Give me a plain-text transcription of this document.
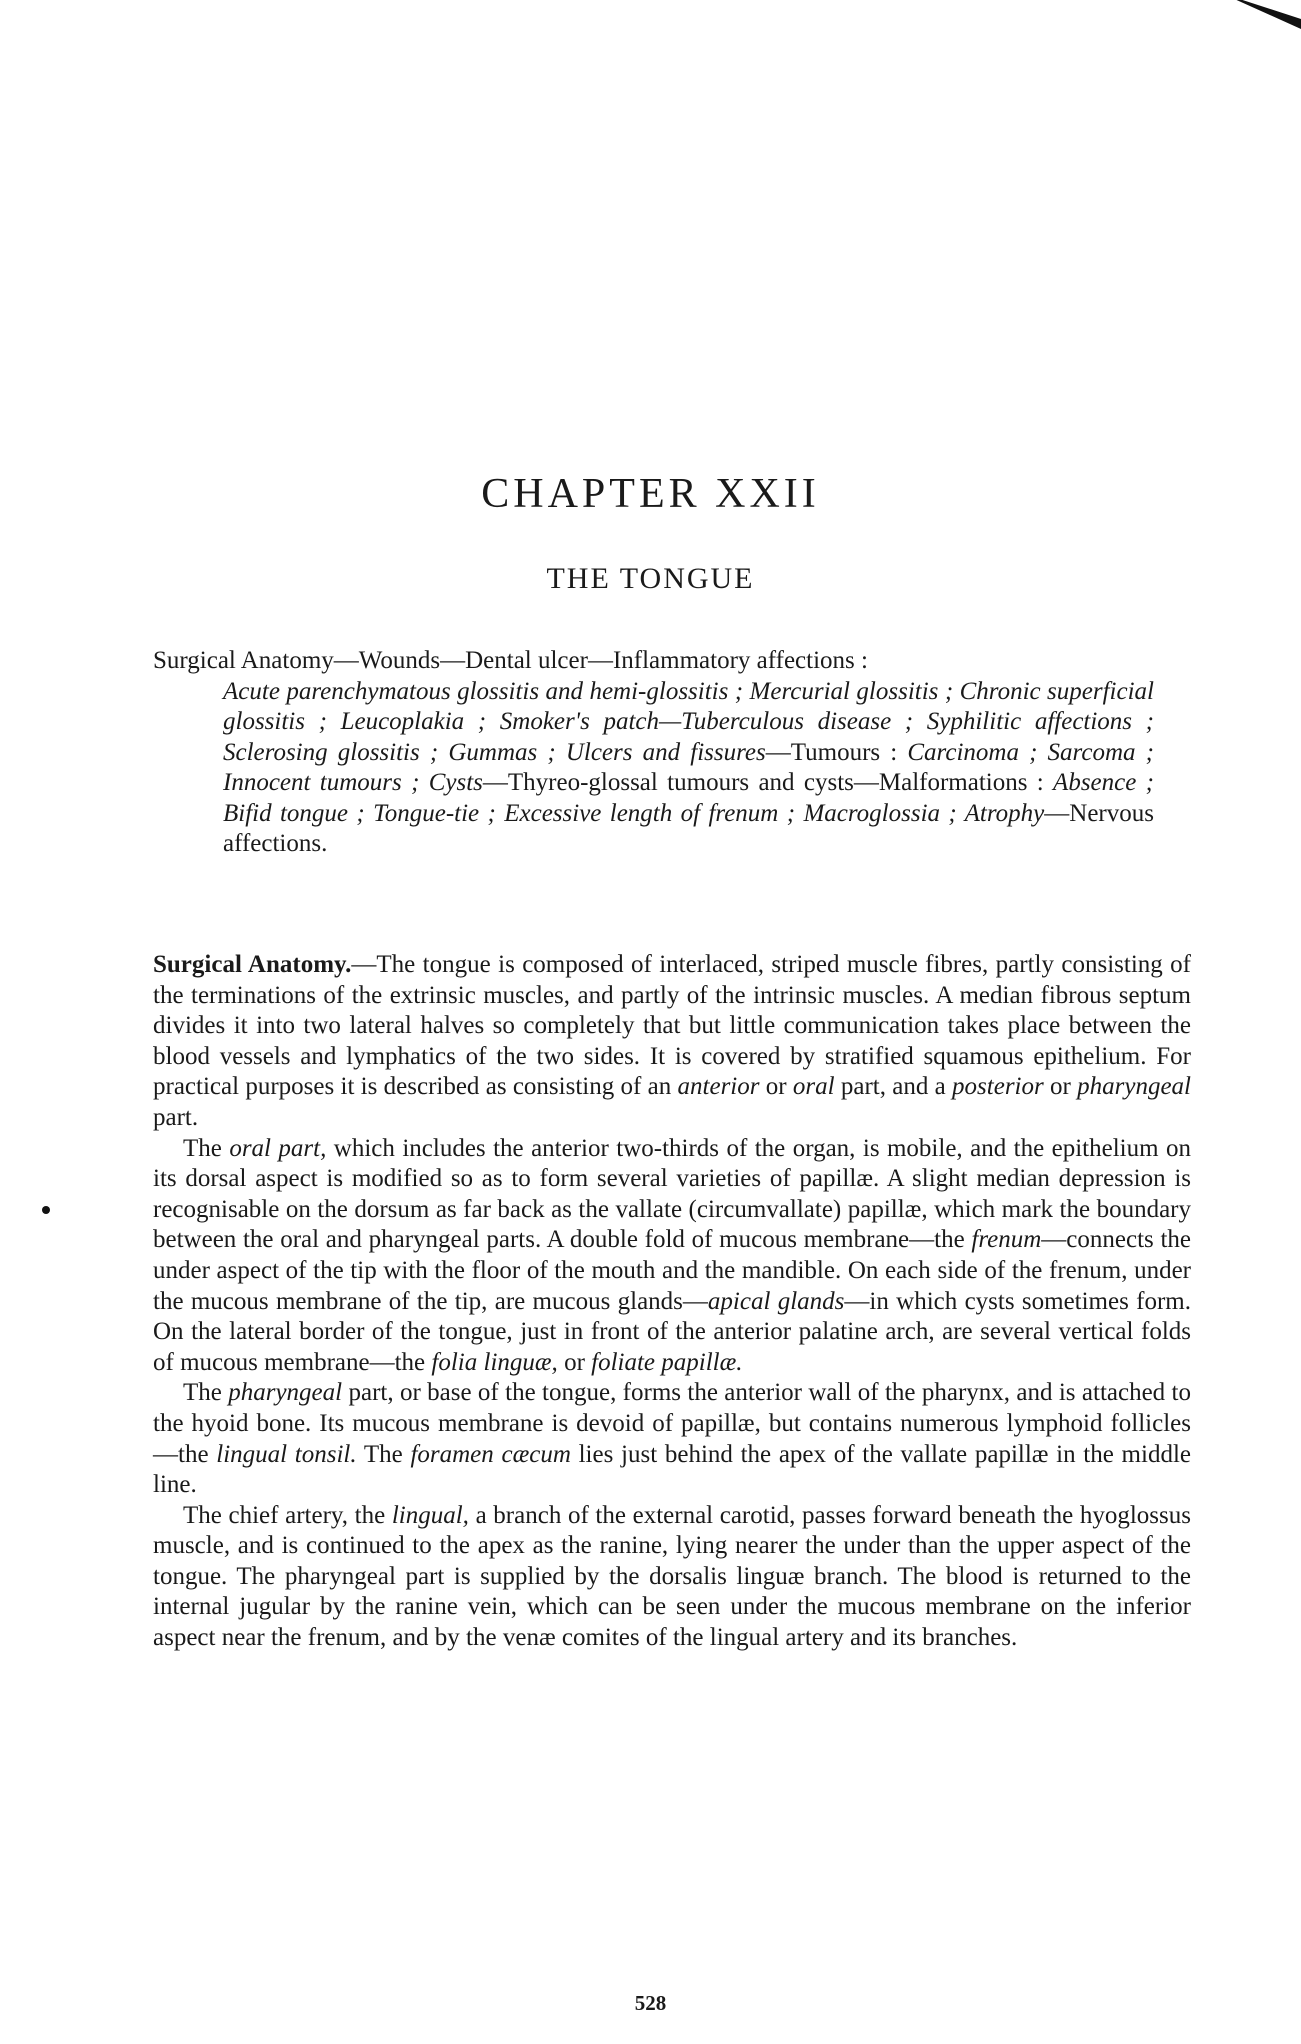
CHAPTER XXII
THE TONGUE
Surgical Anatomy—Wounds—Dental ulcer—Inflammatory affections :
Acute parenchymatous glossitis and hemi-glossitis ; Mercurial glossitis ; Chronic superficial glossitis ; Leucoplakia ; Smoker's patch—Tuberculous disease ; Syphilitic affections ; Sclerosing glossitis ; Gummas ; Ulcers and fissures—Tumours : Carcinoma ; Sarcoma ; Innocent tumours ; Cysts—Thyreo-glossal tumours and cysts—Malformations : Absence ; Bifid tongue ; Tongue-tie ; Excessive length of frenum ; Macroglossia ; Atrophy—Nervous affections.

Surgical Anatomy.—The tongue is composed of interlaced, striped muscle fibres, partly consisting of the terminations of the extrinsic muscles, and partly of the intrinsic muscles. A median fibrous septum divides it into two lateral halves so completely that but little communication takes place between the blood vessels and lymphatics of the two sides. It is covered by stratified squamous epithelium. For practical purposes it is described as consisting of an anterior or oral part, and a posterior or pharyngeal part.

The oral part, which includes the anterior two-thirds of the organ, is mobile, and the epithelium on its dorsal aspect is modified so as to form several varieties of papillæ. A slight median depression is recognisable on the dorsum as far back as the vallate (circumvallate) papillæ, which mark the boundary between the oral and pharyngeal parts. A double fold of mucous membrane—the frenum—connects the under aspect of the tip with the floor of the mouth and the mandible. On each side of the frenum, under the mucous membrane of the tip, are mucous glands—apical glands—in which cysts sometimes form. On the lateral border of the tongue, just in front of the anterior palatine arch, are several vertical folds of mucous membrane—the folia linguæ, or foliate papillæ.

The pharyngeal part, or base of the tongue, forms the anterior wall of the pharynx, and is attached to the hyoid bone. Its mucous membrane is devoid of papillæ, but contains numerous lymphoid follicles—the lingual tonsil. The foramen cæcum lies just behind the apex of the vallate papillæ in the middle line.

The chief artery, the lingual, a branch of the external carotid, passes forward beneath the hyoglossus muscle, and is continued to the apex as the ranine, lying nearer the under than the upper aspect of the tongue. The pharyngeal part is supplied by the dorsalis linguæ branch. The blood is returned to the internal jugular by the ranine vein, which can be seen under the mucous membrane on the inferior aspect near the frenum, and by the venæ comites of the lingual artery and its branches.

528
